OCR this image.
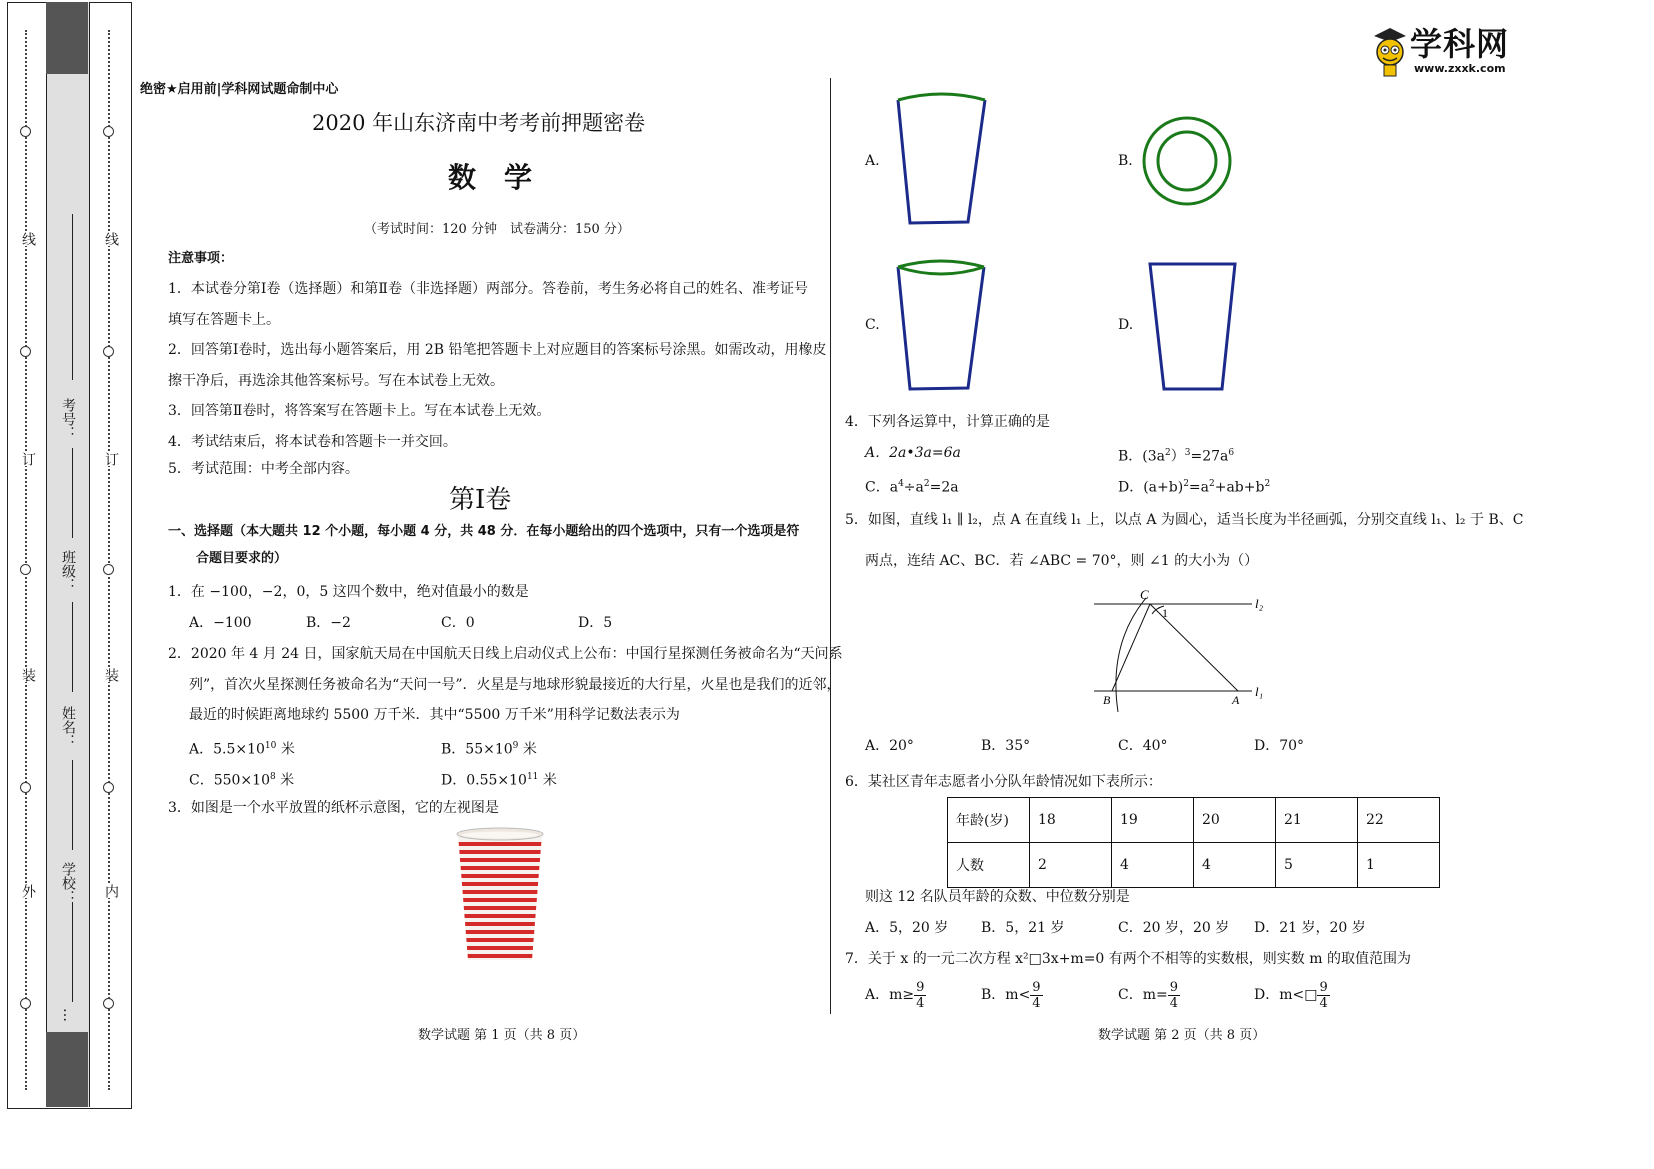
线
订
装
外
线
订
装
内
考号：
班级：
姓名：
学校：
…
学科网
www.zxxk.com
绝密★启用前|学科网试题命制中心
2020 年山东济南中考考前押题密卷
数　学
（考试时间：120 分钟　试卷满分：150 分）
注意事项：
1．本试卷分第Ⅰ卷（选择题）和第Ⅱ卷（非选择题）两部分。答卷前，考生务必将自己的姓名、准考证号
填写在答题卡上。
2．回答第Ⅰ卷时，选出每小题答案后，用 2B 铅笔把答题卡上对应题目的答案标号涂黑。如需改动，用橡皮
擦干净后，再选涂其他答案标号。写在本试卷上无效。
3．回答第Ⅱ卷时，将答案写在答题卡上。写在本试卷上无效。
4．考试结束后，将本试卷和答题卡一并交回。
5．考试范围：中考全部内容。
第Ⅰ卷
一、选择题（本大题共 12 个小题，每小题 4 分，共 48 分．在每小题给出的四个选项中，只有一个选项是符
合题目要求的）
1．在 −100，−2，0，5 这四个数中，绝对值最小的数是
A．−100	B．−2	C．0	D．5
2．2020 年 4 月 24 日，国家航天局在中国航天日线上启动仪式上公布：中国行星探测任务被命名为“天问系
列”，首次火星探测任务被命名为“天问一号”．火星是与地球形貌最接近的大行星，火星也是我们的近邻，
最近的时候距离地球约 5500 万千米．其中“5500 万千米”用科学记数法表示为
A．$5.5\times 10^{10}$ 米	B．$55\times 10^9$ 米
C．$550\times 10^8$ 米	D．$0.55\times 10^{11}$ 米
3．如图是一个水平放置的纸杯示意图，它的左视图是
数学试题 第 1 页（共 8 页）
A.	B.
C.	D.
4．下列各运算中，计算正确的是
A．2a•3a=6a	B．$(3a^2)^3=27a^6$
C．$a^4\div a^2=2a$	D．$(a+b)^2=a^2+ab+b^2$
5．如图，直线 l₁ ∥ l₂，点 A 在直线 l₁ 上，以点 A 为圆心，适当长度为半径画弧，分别交直线 l₁、l₂ 于 B、C
两点，连结 AC、BC．若 ∠ABC = 70°，则 ∠1 的大小为（）
C
1
l₂
B	A
l₁
A．20°	B．35°	C．40°	D．70°
6．某社区青年志愿者小分队年龄情况如下表所示：
年龄(岁)	18	19	20	21	22
人数	2	4	4	5	1
则这 12 名队员年龄的众数、中位数分别是
A．5，20 岁 B．5，21 岁	C．20 岁，20 岁 D．21 岁，20 岁
7．关于 x 的一元二次方程 x²□3x+m=0 有两个不相等的实数根，则实数 m 的取值范围为
A．$m\ge \frac{9}{4}$	B．$m< \frac{9}{4}$	C．$m= \frac{9}{4}$	D．m<□ $\frac{9}{4}$
数学试题 第 2 页（共 8 页）
